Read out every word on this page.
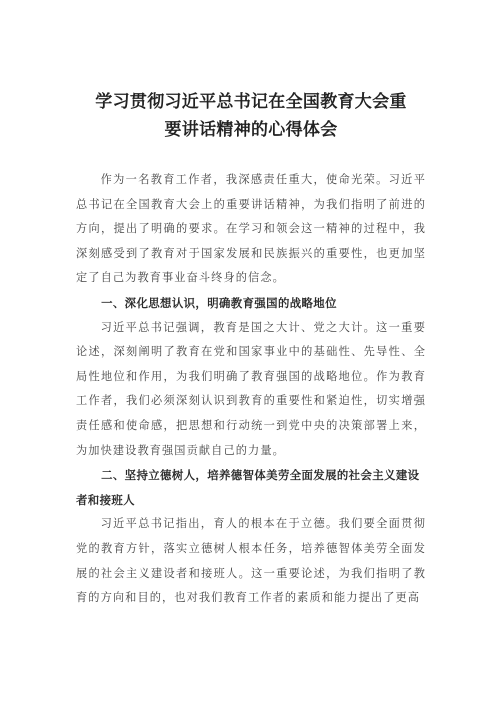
学习贯彻习近平总书记在全国教育大会重
要讲话精神的心得体会

作为一名教育工作者，我深感责任重大，使命光荣。习近平总书记在全国教育大会上的重要讲话精神，为我们指明了前进的方向，提出了明确的要求。在学习和领会这一精神的过程中，我深刻感受到了教育对于国家发展和民族振兴的重要性，也更加坚定了自己为教育事业奋斗终身的信念。

一、深化思想认识，明确教育强国的战略地位

习近平总书记强调，教育是国之大计、党之大计。这一重要论述，深刻阐明了教育在党和国家事业中的基础性、先导性、全局性地位和作用，为我们明确了教育强国的战略地位。作为教育工作者，我们必须深刻认识到教育的重要性和紧迫性，切实增强责任感和使命感，把思想和行动统一到党中央的决策部署上来，为加快建设教育强国贡献自己的力量。

二、坚持立德树人，培养德智体美劳全面发展的社会主义建设者和接班人

习近平总书记指出，育人的根本在于立德。我们要全面贯彻党的教育方针，落实立德树人根本任务，培养德智体美劳全面发展的社会主义建设者和接班人。这一重要论述，为我们指明了教育的方向和目的，也对我们教育工作者的素质和能力提出了更高
